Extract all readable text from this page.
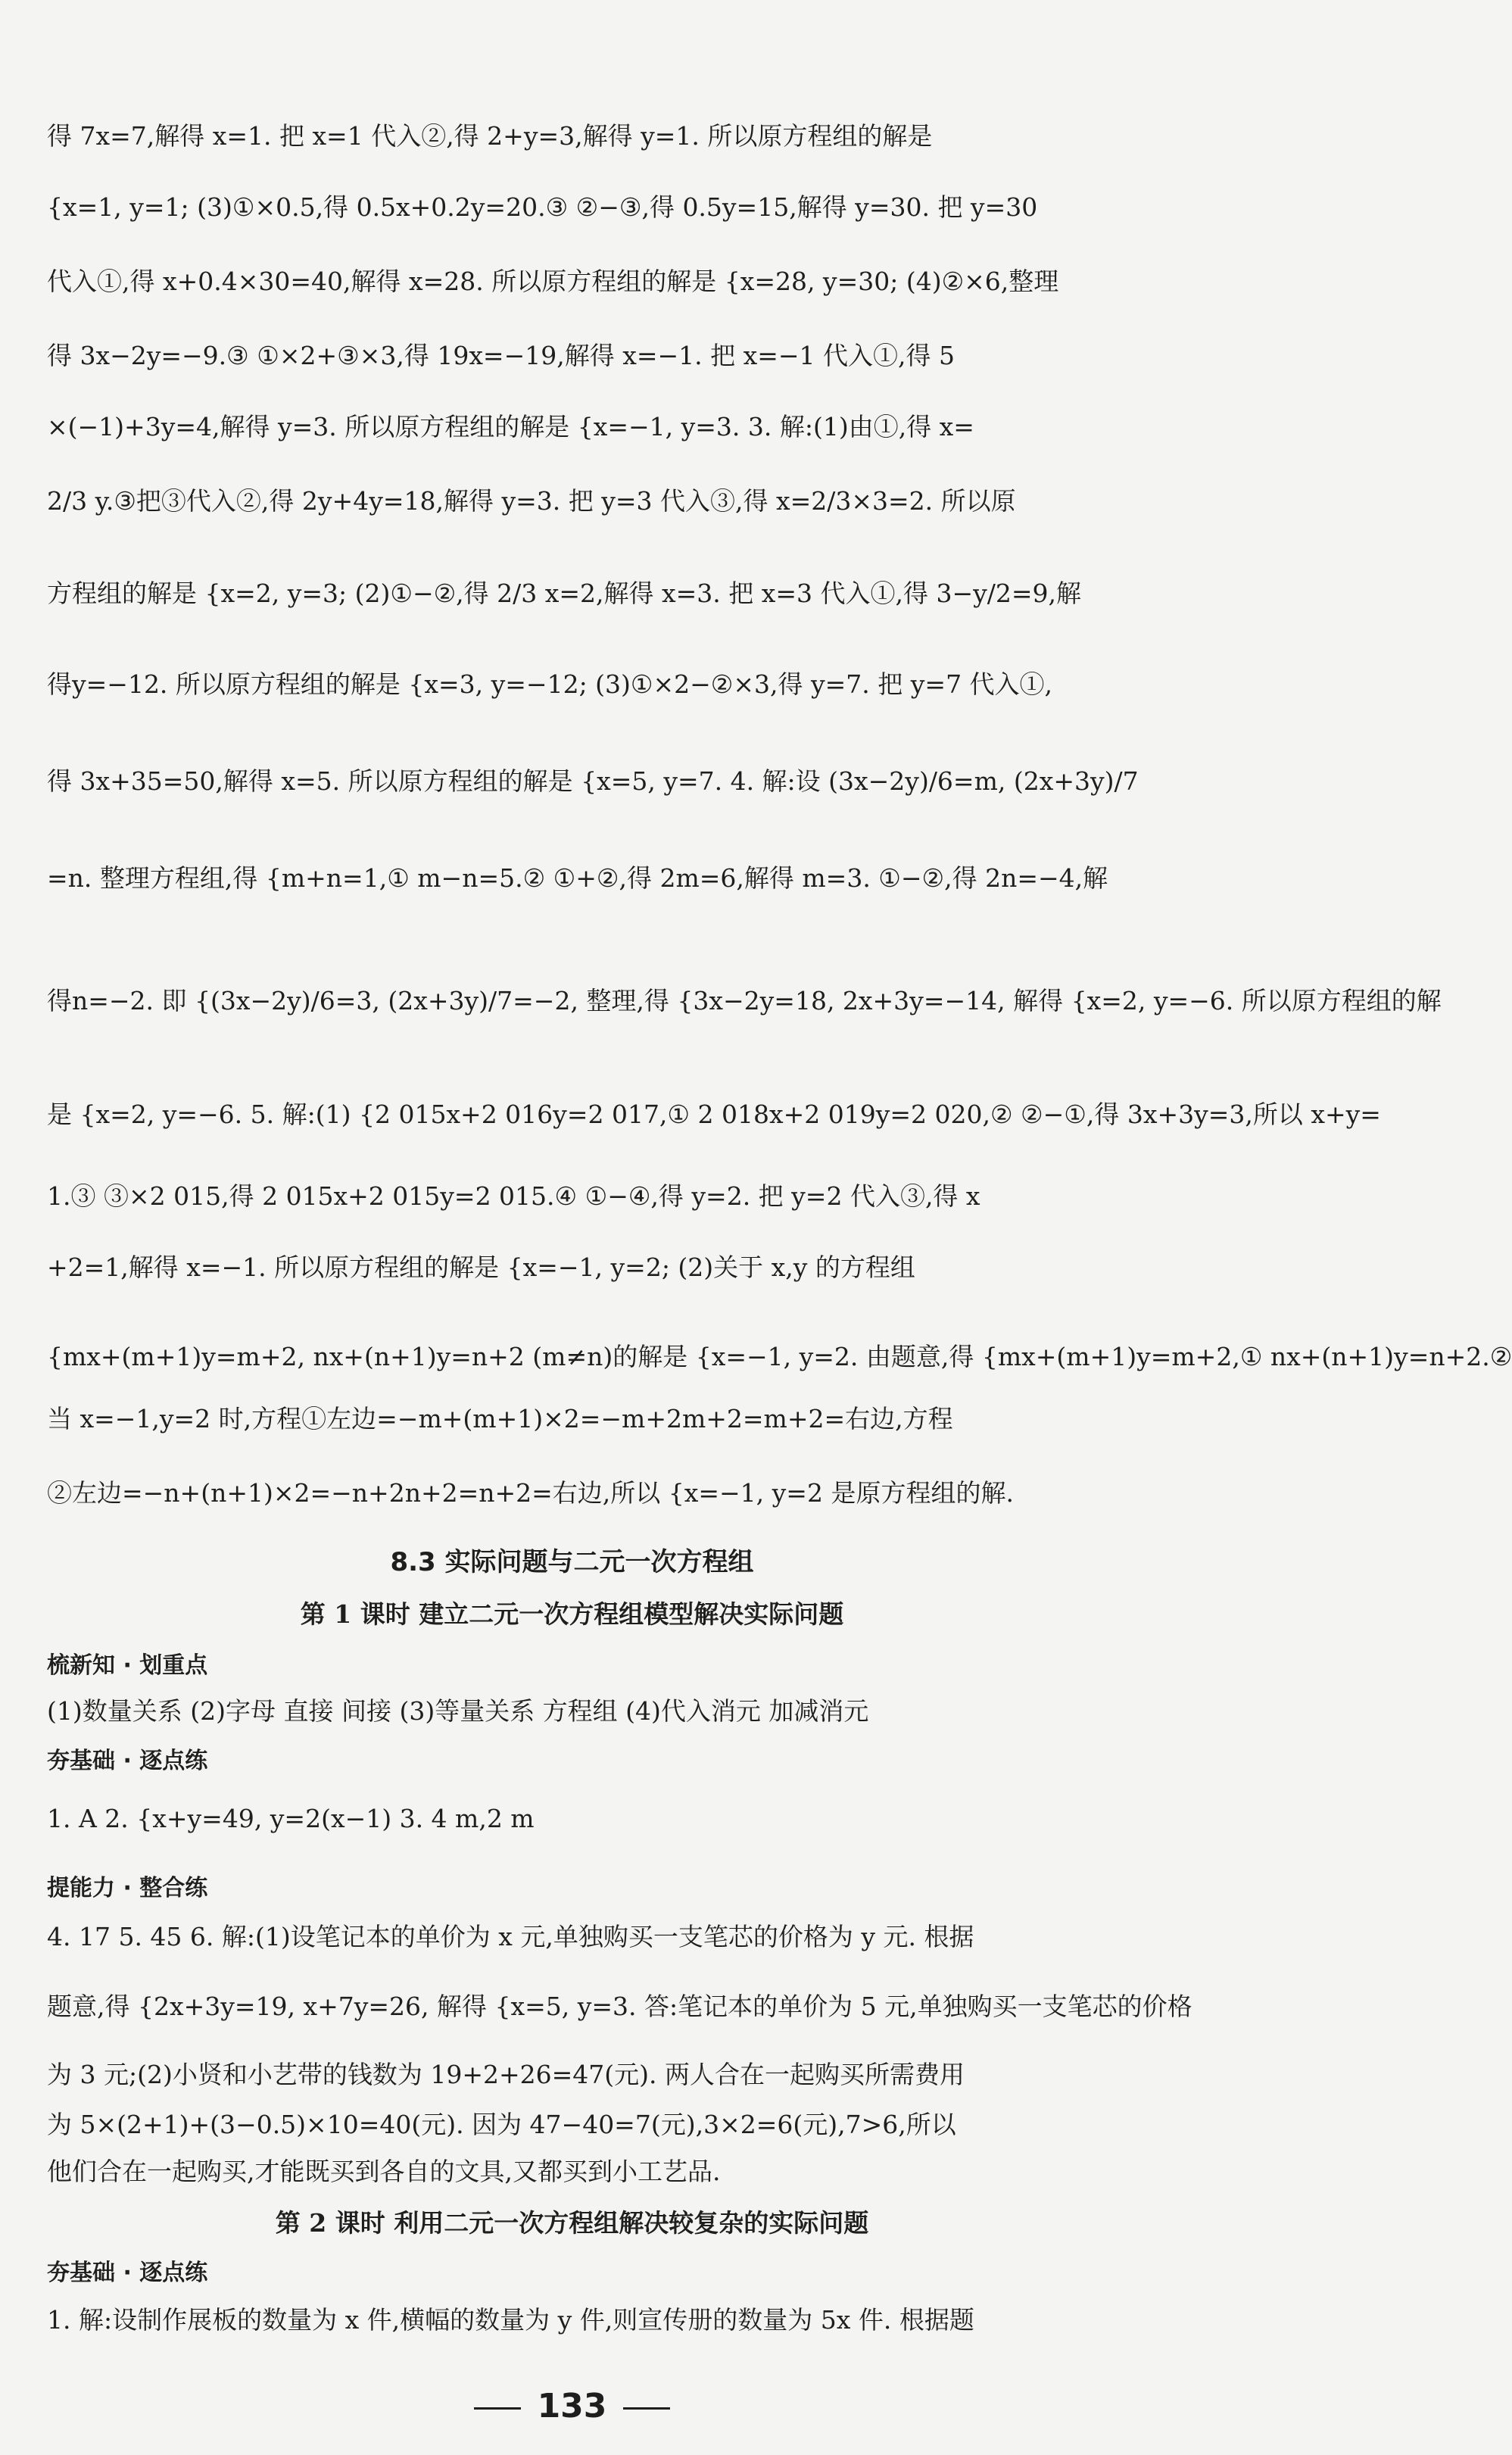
得 7x=7,解得 x=1. 把 x=1 代入②,得 2+y=3,解得 y=1. 所以原方程组的解是
{x=1, y=1; (3)①×0.5,得 0.5x+0.2y=20.③ ②−③,得 0.5y=15,解得 y=30. 把 y=30
代入①,得 x+0.4×30=40,解得 x=28. 所以原方程组的解是 {x=28, y=30; (4)②×6,整理
得 3x−2y=−9.③ ①×2+③×3,得 19x=−19,解得 x=−1. 把 x=−1 代入①,得 5
×(−1)+3y=4,解得 y=3. 所以原方程组的解是 {x=−1, y=3. 3. 解:(1)由①,得 x=
2/3 y.③把③代入②,得 2y+4y=18,解得 y=3. 把 y=3 代入③,得 x=2/3×3=2. 所以原
方程组的解是 {x=2, y=3; (2)①−②,得 2/3 x=2,解得 x=3. 把 x=3 代入①,得 3−y/2=9,解
得y=−12. 所以原方程组的解是 {x=3, y=−12; (3)①×2−②×3,得 y=7. 把 y=7 代入①,
得 3x+35=50,解得 x=5. 所以原方程组的解是 {x=5, y=7. 4. 解:设 (3x−2y)/6=m, (2x+3y)/7
=n. 整理方程组,得 {m+n=1,① m−n=5.② ①+②,得 2m=6,解得 m=3. ①−②,得 2n=−4,解
得n=−2. 即 {(3x−2y)/6=3, (2x+3y)/7=−2, 整理,得 {3x−2y=18, 2x+3y=−14, 解得 {x=2, y=−6. 所以原方程组的解
是 {x=2, y=−6. 5. 解:(1) {2 015x+2 016y=2 017,① 2 018x+2 019y=2 020,② ②−①,得 3x+3y=3,所以 x+y=
1.③ ③×2 015,得 2 015x+2 015y=2 015.④ ①−④,得 y=2. 把 y=2 代入③,得 x
+2=1,解得 x=−1. 所以原方程组的解是 {x=−1, y=2; (2)关于 x,y 的方程组
{mx+(m+1)y=m+2, nx+(n+1)y=n+2 (m≠n)的解是 {x=−1, y=2. 由题意,得 {mx+(m+1)y=m+2,① nx+(n+1)y=n+2.②
当 x=−1,y=2 时,方程①左边=−m+(m+1)×2=−m+2m+2=m+2=右边,方程
②左边=−n+(n+1)×2=−n+2n+2=n+2=右边,所以 {x=−1, y=2 是原方程组的解.
8.3 实际问题与二元一次方程组
第 1 课时 建立二元一次方程组模型解决实际问题
梳新知 · 划重点
(1)数量关系 (2)字母 直接 间接 (3)等量关系 方程组 (4)代入消元 加减消元
夯基础 · 逐点练
1. A 2. {x+y=49, y=2(x−1) 3. 4 m,2 m
提能力 · 整合练
4. 17 5. 45 6. 解:(1)设笔记本的单价为 x 元,单独购买一支笔芯的价格为 y 元. 根据
题意,得 {2x+3y=19, x+7y=26, 解得 {x=5, y=3. 答:笔记本的单价为 5 元,单独购买一支笔芯的价格
为 3 元;(2)小贤和小艺带的钱数为 19+2+26=47(元). 两人合在一起购买所需费用
为 5×(2+1)+(3−0.5)×10=40(元). 因为 47−40=7(元),3×2=6(元),7>6,所以
他们合在一起购买,才能既买到各自的文具,又都买到小工艺品.
第 2 课时 利用二元一次方程组解决较复杂的实际问题
夯基础 · 逐点练
1. 解:设制作展板的数量为 x 件,横幅的数量为 y 件,则宣传册的数量为 5x 件. 根据题
133
